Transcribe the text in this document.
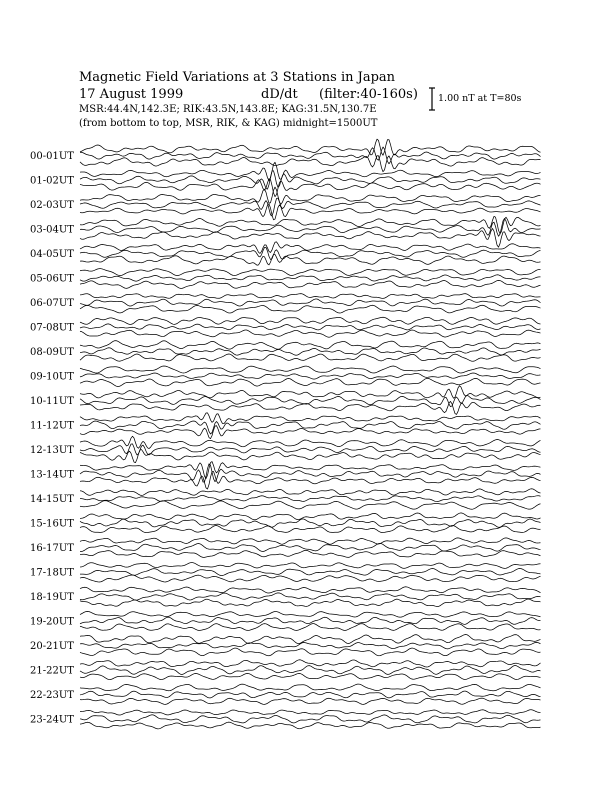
00-01UT
01-02UT
02-03UT
03-04UT
04-05UT
05-06UT
06-07UT
07-08UT
08-09UT
09-10UT
10-11UT
11-12UT
12-13UT
13-14UT
14-15UT
15-16UT
16-17UT
17-18UT
18-19UT
19-20UT
20-21UT
21-22UT
22-23UT
23-24UT
Magnetic Field Variations at 3 Stations in Japan
17 August 1999	dD/dt (filter:40-160s)
MSR:44.4N,142.3E; RIK:43.5N,143.8E; KAG:31.5N,130.7E
(from bottom to top, MSR, RIK, & KAG) midnight=1500UT
1.00 nT at T=80s
